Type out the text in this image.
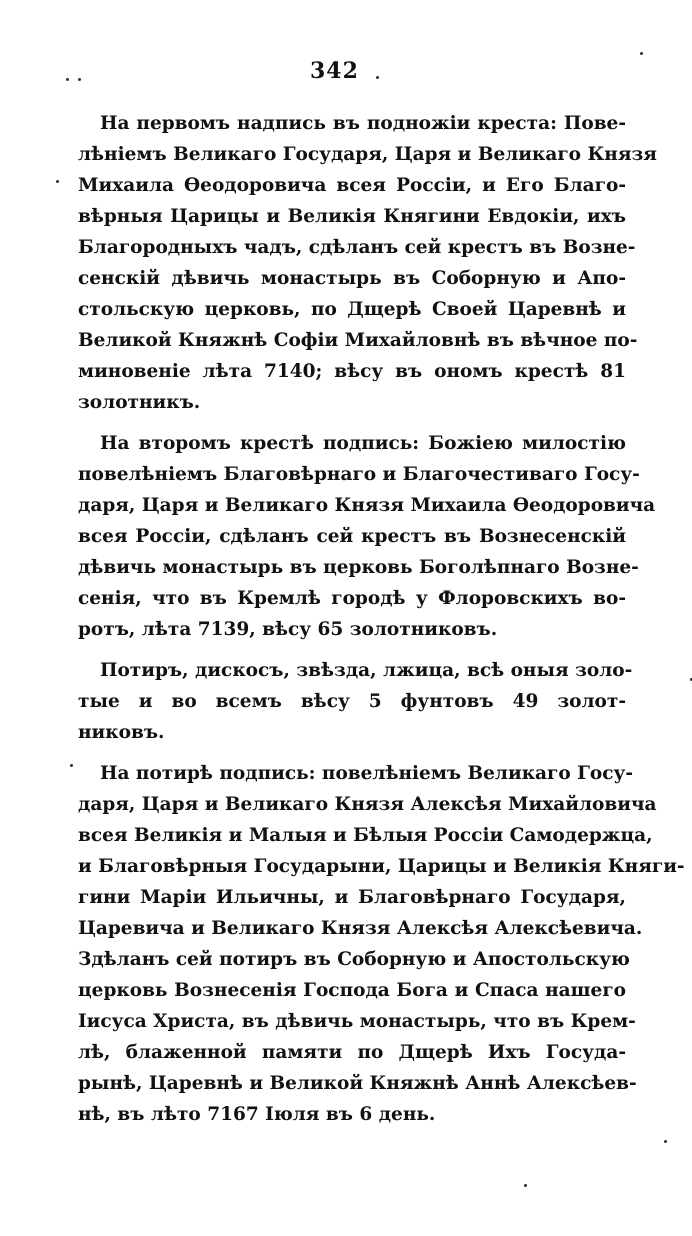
342
На первомъ надпись въ подножіи креста: Пове-
лѣніемъ Великаго Государя, Царя и Великаго Князя
Михаила Ѳеодоровича всея Россіи, и Его Благо-
вѣрныя Царицы и Великія Княгини Евдокіи, ихъ
Благородныхъ чадъ, сдѣланъ сей крестъ въ Возне-
сенскій дѣвичь монастырь въ Соборную и Апо-
стольскую церковь, по Дщерѣ Своей Царевнѣ и
Великой Княжнѣ Софіи Михайловнѣ въ вѣчное по-
миновеніе лѣта 7140; вѣсу въ ономъ крестѣ 81
золотникъ.
На второмъ крестѣ подпись: Божіею милостію
повелѣніемъ Благовѣрнаго и Благочестиваго Госу-
даря, Царя и Великаго Князя Михаила Ѳеодоровича
всея Россіи, сдѣланъ сей крестъ въ Вознесенскій
дѣвичь монастырь въ церковь Боголѣпнаго Возне-
сенія, что въ Кремлѣ городѣ у Флоровскихъ во-
ротъ, лѣта 7139, вѣсу 65 золотниковъ.
Потиръ, дискосъ, звѣзда, лжица, всѣ оныя золо-
тые и во всемъ вѣсу 5 фунтовъ 49 золот-
никовъ.
На потирѣ подпись: повелѣніемъ Великаго Госу-
даря, Царя и Великаго Князя Алексѣя Михайловича
всея Великія и Малыя и Бѣлыя Россіи Самодержца,
и Благовѣрныя Государыни, Царицы и Великія Княги-
гини Маріи Ильичны, и Благовѣрнаго Государя,
Царевича и Великаго Князя Алексѣя Алексѣевича.
Здѣланъ сей потиръ въ Соборную и Апостольскую
церковь Вознесенія Господа Бога и Спаса нашего
Іисуса Христа, въ дѣвичь монастырь, что въ Крем-
лѣ, блаженной памяти по Дщерѣ Ихъ Госуда-
рынѣ, Царевнѣ и Великой Княжнѣ Аннѣ Алексѣев-
нѣ, въ лѣто 7167 Іюля въ 6 день.
